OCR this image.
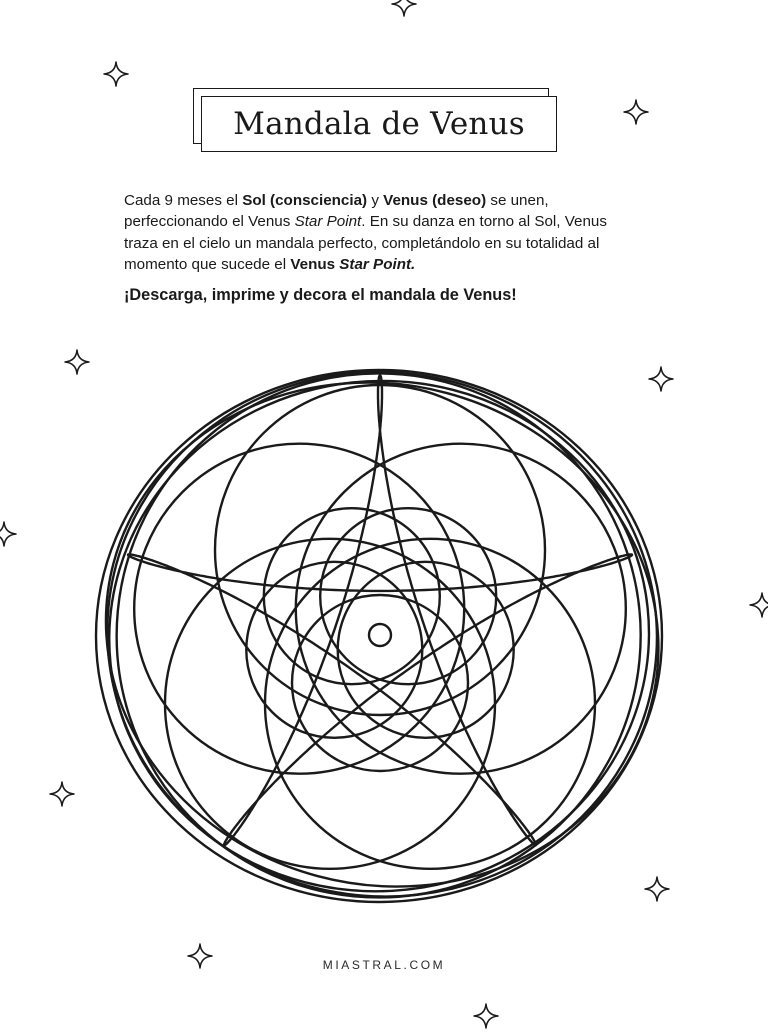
Mandala de Venus
Cada 9 meses el Sol (consciencia) y Venus (deseo) se unen, perfeccionando el Venus Star Point. En su danza en torno al Sol, Venus traza en el cielo un mandala perfecto, completándolo en su totalidad al momento que sucede el Venus Star Point.
¡Descarga, imprime y decora el mandala de Venus!
MIASTRAL.COM
